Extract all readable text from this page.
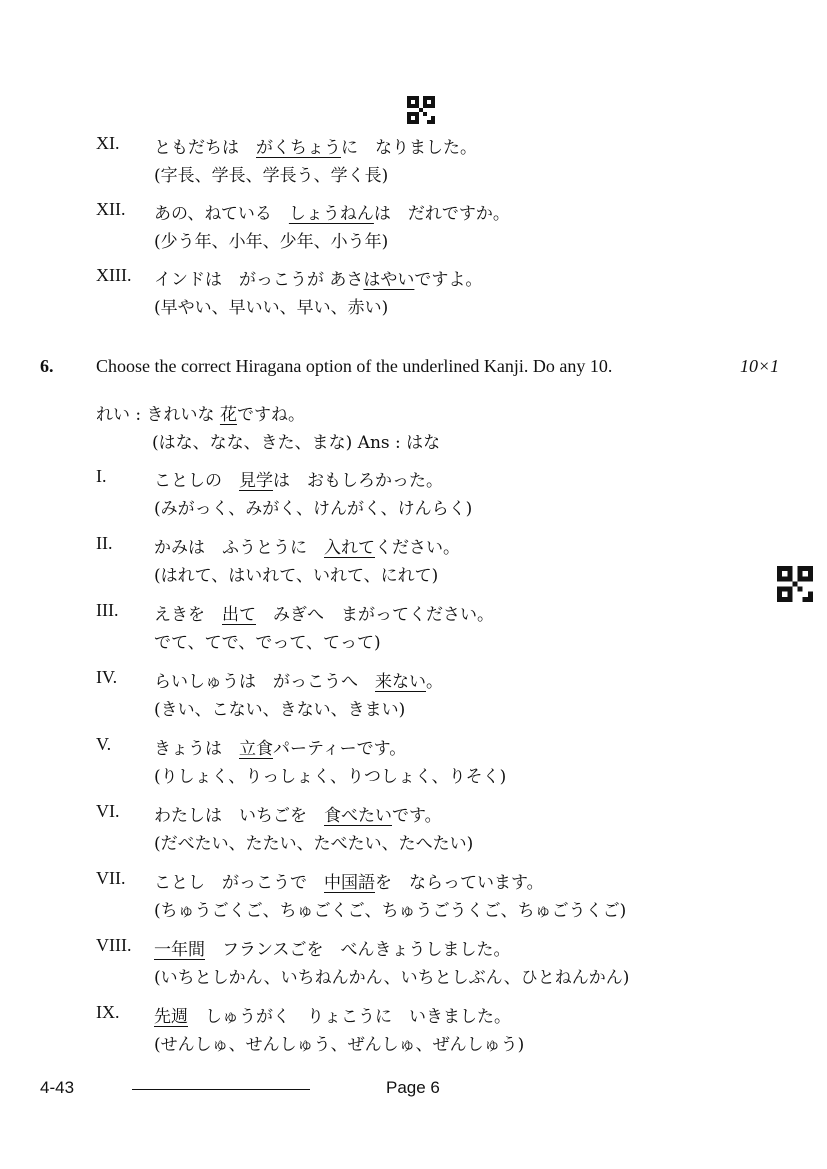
XI. ともだちは　がくちょうに　なりました。
(字長、学長、学長う、学く長)
XII. あの、ねている　しょうねんは　だれですか。
(少う年、小年、少年、小う年)
XIII. インドは　がっこうが あさはやいですよ。
(早やい、早いい、早い、赤い)
6. Choose the correct Hiragana option of the underlined Kanji. Do any 10.	10×1
れい : きれいな 花ですね。
(はな、なな、きた、まな) Ans : はな
I.	ことしの　見学は　おもしろかった。
(みがっく、みがく、けんがく、けんらく)
II. かみは　ふうとうに　入れてください。
(はれて、はいれて、いれて、にれて)
III. えきを　出て　みぎへ　まがってください。
でて、てで、でって、てって)
IV. らいしゅうは　がっこうへ　来ない。
(きい、こない、きない、きまい)
V.	きょうは　立食パーティーです。
(りしょく、りっしょく、りつしょく、りそく)
VI. わたしは　いちごを　食べたいです。
(だべたい、たたい、たべたい、たへたい)
VII. ことし　がっこうで　中国語を　ならっています。
(ちゅうごくご、ちゅごくご、ちゅうごうくご、ちゅごうくご)
VIII. 一年間　フランスごを　べんきょうしました。
(いちとしかん、いちねんかん、いちとしぶん、ひとねんかん)
IX. 先週　しゅうがく　りょこうに　いきました。
(せんしゅ、せんしゅう、ぜんしゅ、ぜんしゅう)
4-43	Page 6
